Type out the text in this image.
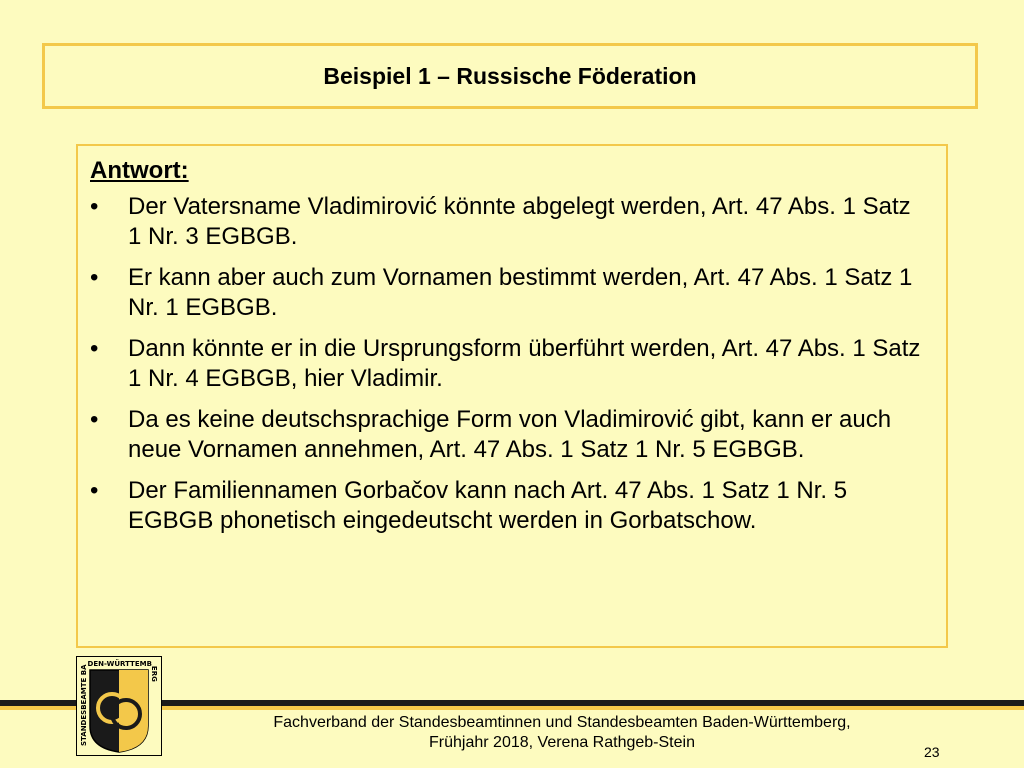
Beispiel 1 – Russische Föderation
Antwort:
• Der Vatersname Vladimirović könnte abgelegt werden, Art. 47 Abs. 1 Satz 1 Nr. 3 EGBGB.
• Er kann aber auch zum Vornamen bestimmt werden, Art. 47 Abs. 1 Satz 1 Nr. 1 EGBGB.
• Dann könnte er in die Ursprungsform überführt werden, Art. 47 Abs. 1 Satz 1 Nr. 4 EGBGB, hier Vladimir.
• Da es keine deutschsprachige Form von Vladimirović gibt, kann er auch neue Vornamen annehmen, Art. 47 Abs. 1 Satz 1 Nr. 5 EGBGB.
• Der Familiennamen Gorbačov kann nach Art. 47 Abs. 1 Satz 1 Nr. 5 EGBGB phonetisch eingedeutscht werden in Gorbatschow.
STANDESBEAMTE BADEN-WÜRTTEMBERG
Fachverband der Standesbeamtinnen und Standesbeamten Baden-Württemberg,
Frühjahr 2018, Verena Rathgeb-Stein
23
